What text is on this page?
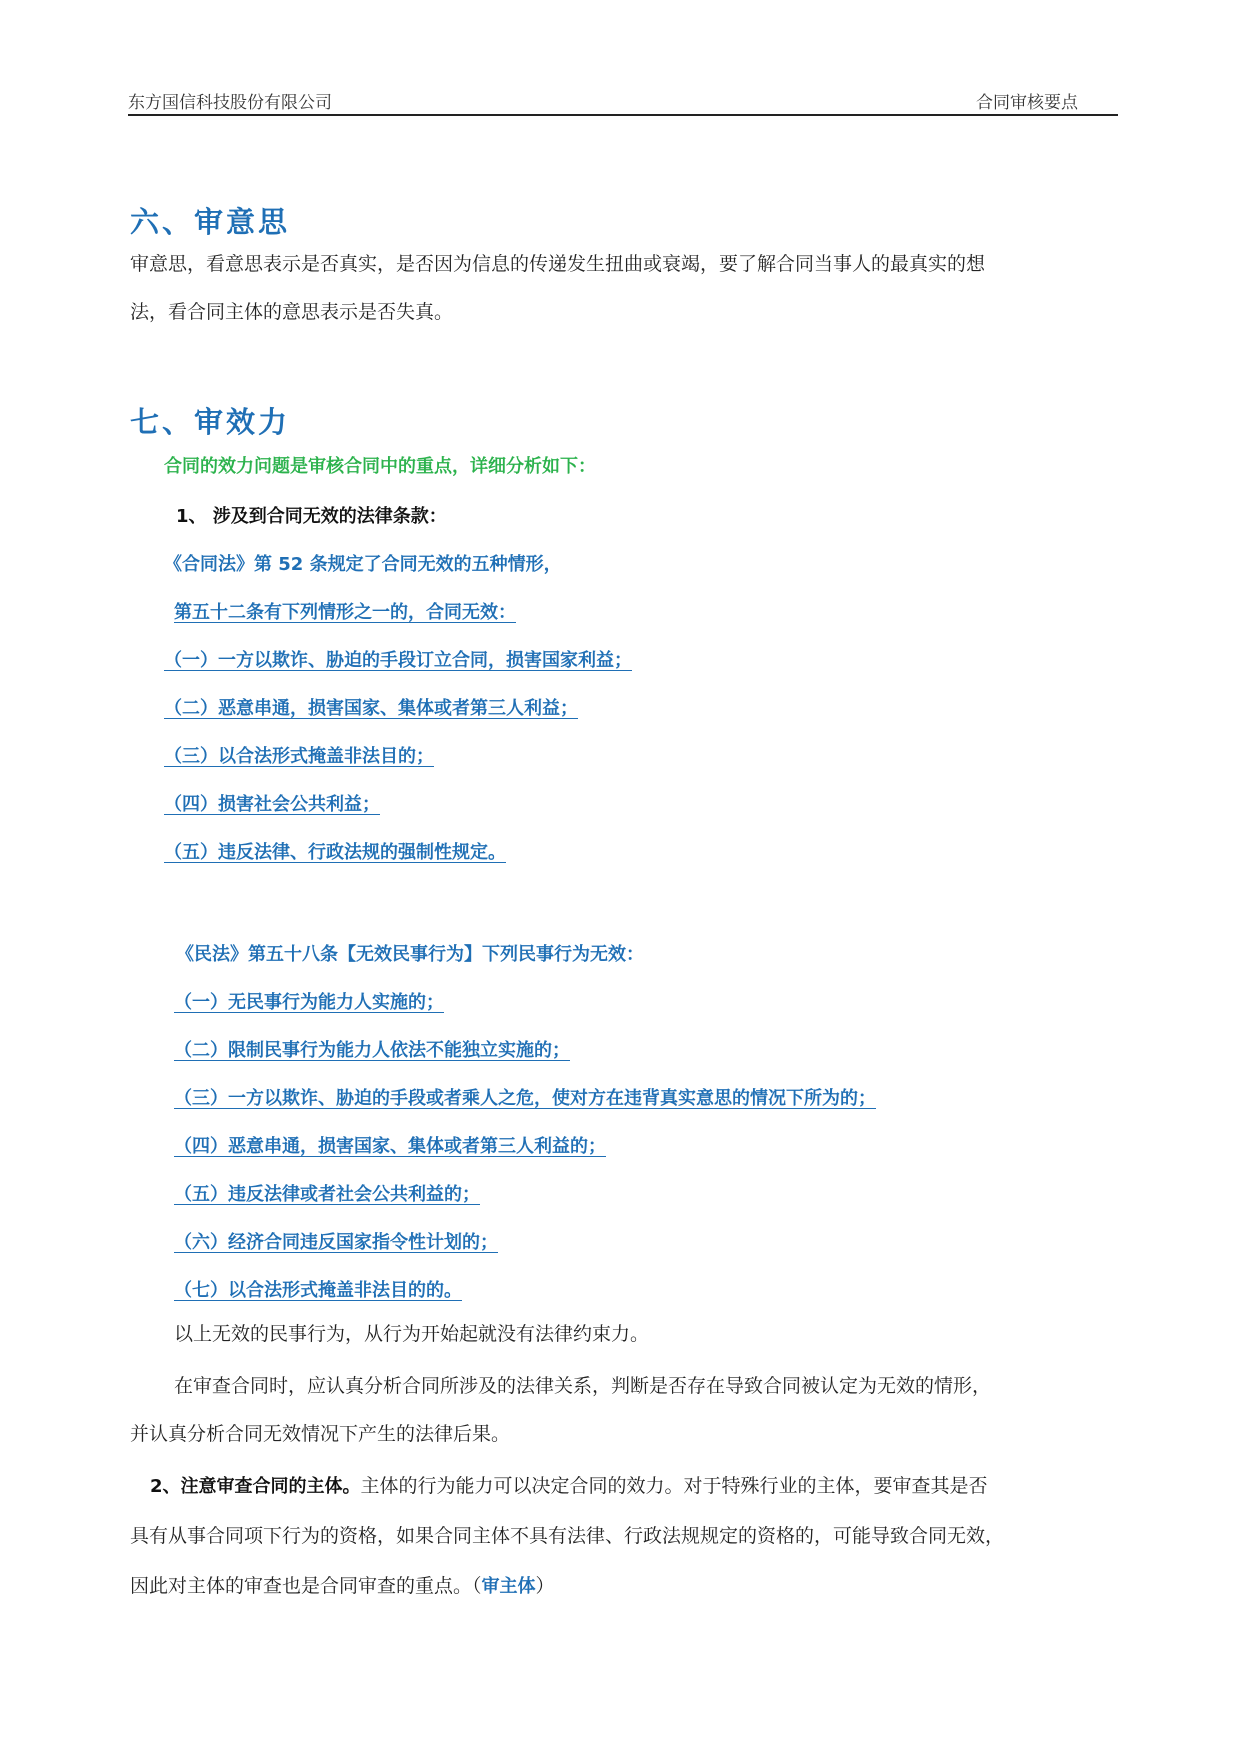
东方国信科技股份有限公司	合同审核要点
六、审意思
审意思，看意思表示是否真实，是否因为信息的传递发生扭曲或衰竭，要了解合同当事人的最真实的想
法，看合同主体的意思表示是否失真。
七、审效力
合同的效力问题是审核合同中的重点，详细分析如下：
1、 涉及到合同无效的法律条款：
《合同法》第 52 条规定了合同无效的五种情形，
第五十二条有下列情形之一的，合同无效：
（一）一方以欺诈、胁迫的手段订立合同，损害国家利益；
（二）恶意串通，损害国家、集体或者第三人利益；
（三）以合法形式掩盖非法目的；
（四）损害社会公共利益；
（五）违反法律、行政法规的强制性规定。
《民法》第五十八条【无效民事行为】下列民事行为无效：
（一）无民事行为能力人实施的；
（二）限制民事行为能力人依法不能独立实施的；
（三）一方以欺诈、胁迫的手段或者乘人之危，使对方在违背真实意思的情况下所为的；
（四）恶意串通，损害国家、集体或者第三人利益的；
（五）违反法律或者社会公共利益的；
（六）经济合同违反国家指令性计划的；
（七）以合法形式掩盖非法目的的。
以上无效的民事行为，从行为开始起就没有法律约束力。
在审查合同时，应认真分析合同所涉及的法律关系，判断是否存在导致合同被认定为无效的情形，
并认真分析合同无效情况下产生的法律后果。
2、注意审查合同的主体。主体的行为能力可以决定合同的效力。对于特殊行业的主体，要审查其是否
具有从事合同项下行为的资格，如果合同主体不具有法律、行政法规规定的资格的，可能导致合同无效，
因此对主体的审查也是合同审查的重点。（审主体）
